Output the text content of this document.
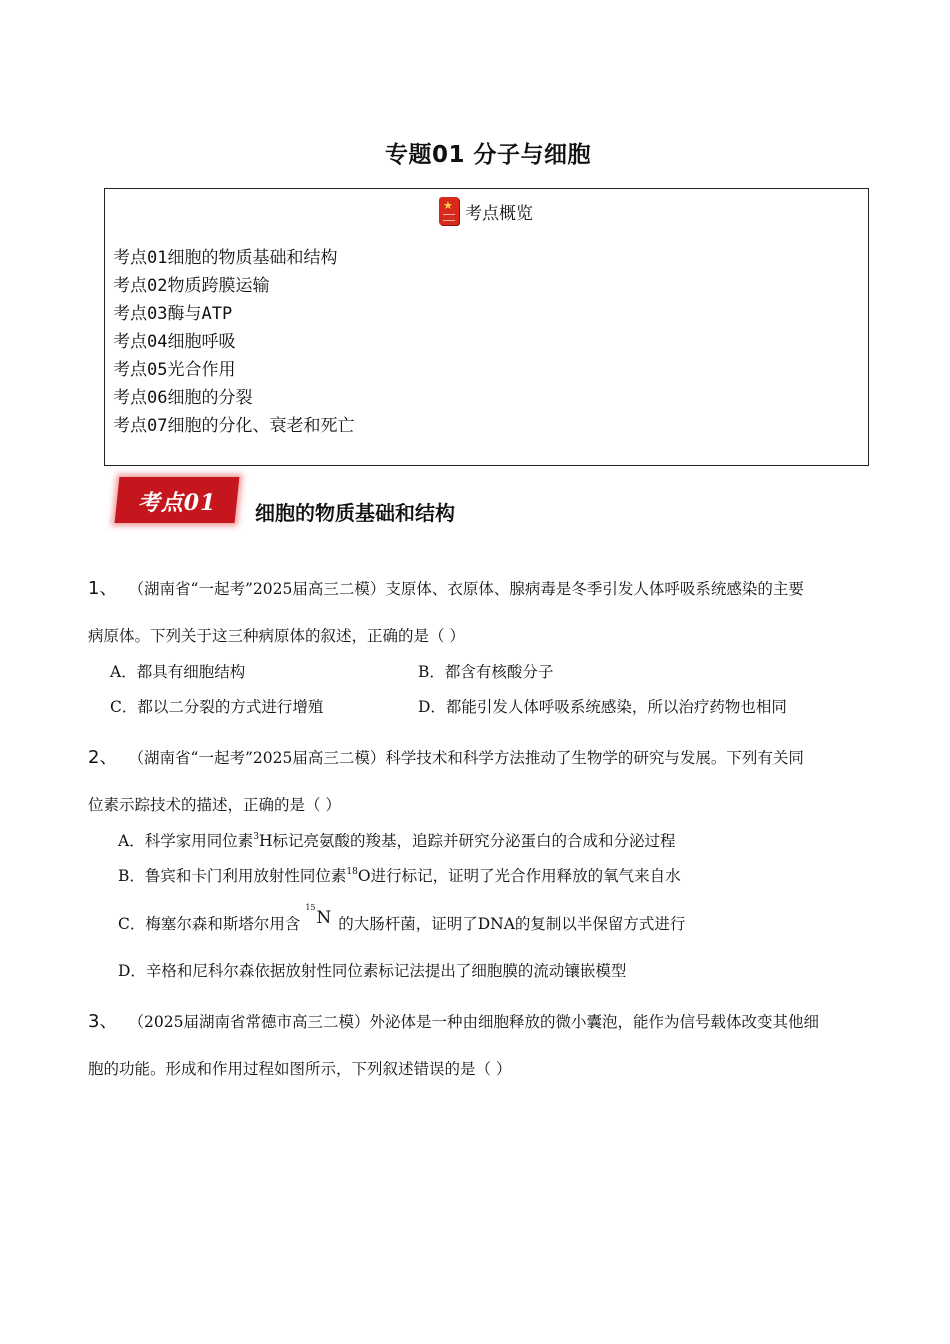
专题01 分子与细胞
★ 考点概览
考点01细胞的物质基础和结构
考点02物质跨膜运输
考点03酶与ATP
考点04细胞呼吸
考点05光合作用
考点06细胞的分裂
考点07细胞的分化、衰老和死亡
考点01	细胞的物质基础和结构
1、 （湖南省“一起考”2025届高三二模）支原体、衣原体、腺病毒是冬季引发人体呼吸系统感染的主要
病原体。下列关于这三种病原体的叙述，正确的是（ ）
A．都具有细胞结构	B．都含有核酸分子
C．都以二分裂的方式进行增殖	D．都能引发人体呼吸系统感染，所以治疗药物也相同
2、 （湖南省“一起考”2025届高三二模）科学技术和科学方法推动了生物学的研究与发展。下列有关同
位素示踪技术的描述，正确的是（ ）
A．科学家用同位素$^3$H标记亮氨酸的羧基，追踪并研究分泌蛋白的合成和分泌过程
B．鲁宾和卡门利用放射性同位素$^{18}$O进行标记，证明了光合作用释放的氧气来自水
C．梅塞尔森和斯塔尔用含
15
N 的大肠杆菌，证明了DNA的复制以半保留方式进行
D．辛格和尼科尔森依据放射性同位素标记法提出了细胞膜的流动镶嵌模型
3、 （2025届湖南省常德市高三二模）外泌体是一种由细胞释放的微小囊泡，能作为信号载体改变其他细
胞的功能。形成和作用过程如图所示，下列叙述错误的是（ ）
